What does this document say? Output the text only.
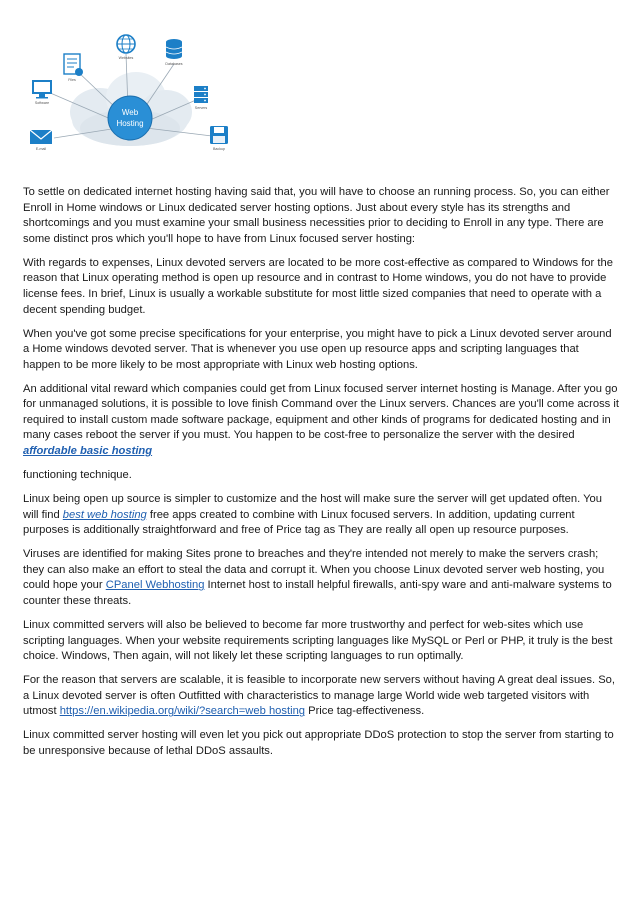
Web
Hosting
Files
Websites
Databases
Software
Servers
E-mail	Backup

To settle on dedicated internet hosting having said that, you will have to choose an running process. So, you can either Enroll in Home windows or Linux dedicated server hosting options. Just about every style has its strengths and shortcomings and you must examine your small business necessities prior to deciding to Enroll in any type. There are some distinct pros which you'll hope to have from Linux focused server hosting:

With regards to expenses, Linux devoted servers are located to be more cost-effective as compared to Windows for the reason that Linux operating method is open up resource and in contrast to Home windows, you do not have to provide license fees. In brief, Linux is usually a workable substitute for most little sized companies that need to operate with a decent spending budget.

When you've got some precise specifications for your enterprise, you might have to pick a Linux devoted server around a Home windows devoted server. That is whenever you use open up resource apps and scripting languages that happen to be more likely to be most appropriate with Linux web hosting options.

An additional vital reward which companies could get from Linux focused server internet hosting is Manage. After you go for unmanaged solutions, it is possible to love finish Command over the Linux servers. Chances are you'll come across it required to install custom made software package, equipment and other kinds of programs for dedicated hosting and in many cases reboot the server if you must. You happen to be cost-free to personalize the server with the desired affordable basic hosting

functioning technique.

Linux being open up source is simpler to customize and the host will make sure the server will get updated often. You will find best web hosting free apps created to combine with Linux focused servers. In addition, updating current purposes is additionally straightforward and free of Price tag as They are really all open up resource purposes.

Viruses are identified for making Sites prone to breaches and they're intended not merely to make the servers crash; they can also make an effort to steal the data and corrupt it. When you choose Linux devoted server web hosting, you could hope your CPanel Webhosting Internet host to install helpful firewalls, anti-spy ware and anti-malware systems to counter these threats.

Linux committed servers will also be believed to become far more trustworthy and perfect for web-sites which use scripting languages. When your website requirements scripting languages like MySQL or Perl or PHP, it truly is the best choice. Windows, Then again, will not likely let these scripting languages to run optimally.

For the reason that servers are scalable, it is feasible to incorporate new servers without having A great deal issues. So, a Linux devoted server is often Outfitted with characteristics to manage large World wide web targeted visitors with utmost https://en.wikipedia.org/wiki/?search=web hosting Price tag-effectiveness.

Linux committed server hosting will even let you pick out appropriate DDoS protection to stop the server from starting to be unresponsive because of lethal DDoS assaults.
